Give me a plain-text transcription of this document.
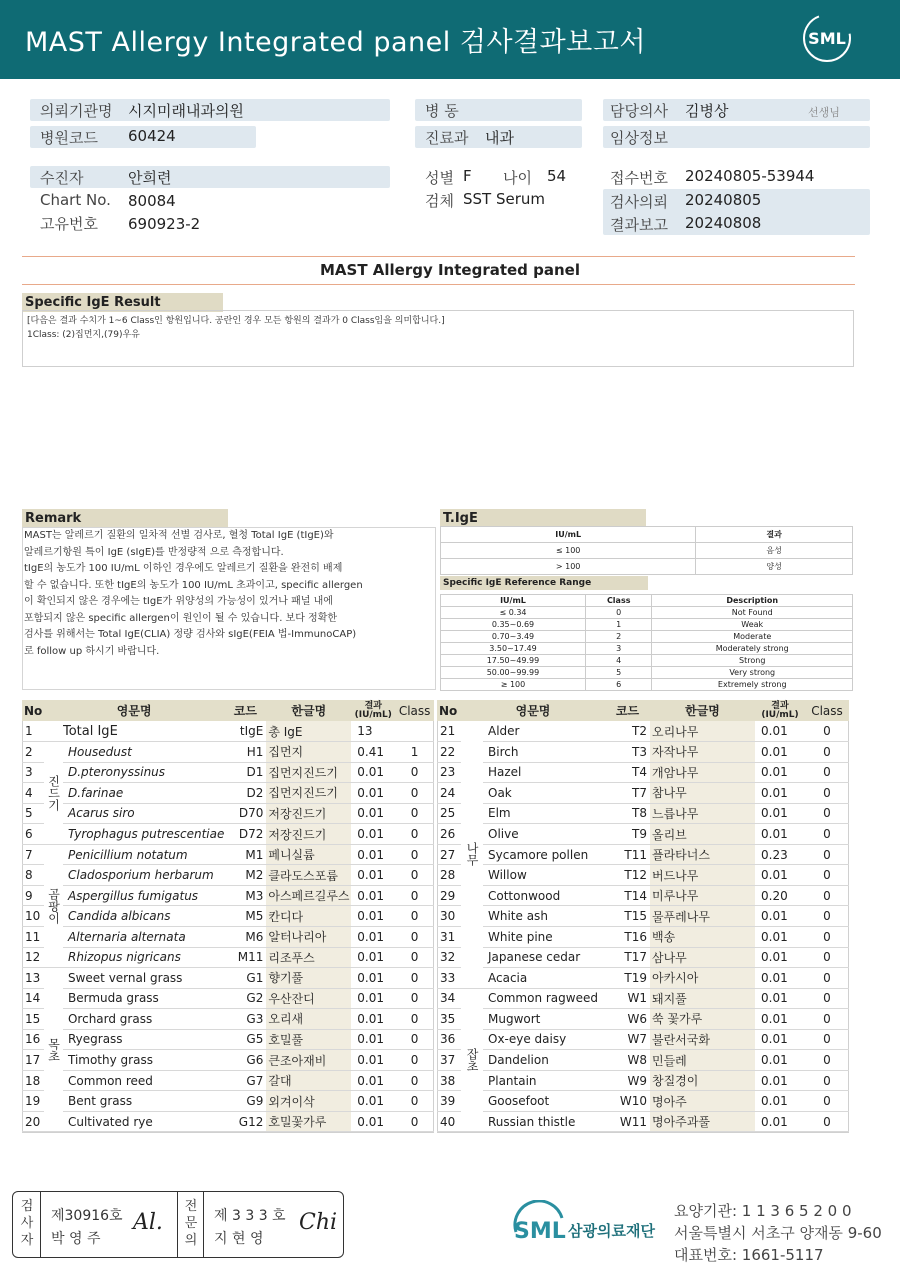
MAST Allergy Integrated panel 검사결과보고서	SML
의뢰기관명 시지미래내과의원
병원코드 60424
병 동
진료과 내과
담당의사 김병상	선생님
임상정보
수진자	안희련
Chart No. 80084
고유번호 690923-2
성별 F 나이 54
검체 SST Serum
접수번호 20240805-53944
검사의뢰 20240805
결과보고 20240808
MAST Allergy Integrated panel
Specific IgE Result
[다음은 결과 수치가 1~6 Class인 항원입니다. 공란인 경우 모든 항원의 결과가 0 Class임을 의미합니다.]
1Class: (2)집먼지,(79)우유
Remark
MAST는 알레르기 질환의 일차적 선별 검사로, 혈청 Total IgE (tIgE)와
알레르기항원 특이 IgE (sIgE)를 반정량적 으로 측정합니다.
tIgE의 농도가 100 IU/mL 이하인 경우에도 알레르기 질환을 완전히 배제
할 수 없습니다. 또한 tIgE의 농도가 100 IU/mL 초과이고, specific allergen
이 확인되지 않은 경우에는 tIgE가 위양성의 가능성이 있거나 패널 내에
포함되지 않은 specific allergen이 원인이 될 수 있습니다. 보다 정확한
검사를 위해서는 Total IgE(CLIA) 정량 검사와 sIgE(FEIA 법-ImmunoCAP)
로 follow up 하시기 바랍니다.
T.IgE
IU/mL	결과
≤ 100	음성
> 100	양성
Specific IgE Reference Range
IU/mL	Class	Description
≤ 0.34	0	Not Found
0.35~0.69	1	Weak
0.70~3.49	2	Moderate
3.50~17.49	3	Moderately strong
17.50~49.99	4	Strong
50.00~99.99	5	Very strong
≥ 100	6	Extremely strong
No	영문명		코드	한글명	결과 (IU/mL)	Class
1		Total IgE	tIgE	총 IgE	13	
2	진드기	Housedust	H1	집먼지	0.41	1
3		D.pteronyssinus	D1	집먼지진드기	0.01	0
4		D.farinae	D2	집먼지진드기	0.01	0
5		Acarus siro	D70	저장진드기	0.01	0
6		Tyrophagus putrescentiae	D72	저장진드기	0.01	0
7	곰팡이	Penicillium notatum	M1	페니실륨	0.01	0
8		Cladosporium herbarum	M2	클라도스포륨	0.01	0
9		Aspergillus fumigatus	M3	아스페르길루스	0.01	0
10		Candida albicans	M5	칸디다	0.01	0
11		Alternaria alternata	M6	알터나리아	0.01	0
12		Rhizopus nigricans	M11	리조푸스	0.01	0
13	목초	Sweet vernal grass	G1	향기풀	0.01	0
14		Bermuda grass	G2	우산잔디	0.01	0
15		Orchard grass	G3	오리새	0.01	0
16		Ryegrass	G5	호밀풀	0.01	0
17		Timothy grass	G6	큰조아재비	0.01	0
18		Common reed	G7	갈대	0.01	0
19		Bent grass	G9	외겨이삭	0.01	0
20		Cultivated rye	G12	호밀꽃가루	0.01	0
No	영문명		코드	한글명	결과 (IU/mL)	Class
21	나무	Alder	T2	오리나무	0.01	0
22		Birch	T3	자작나무	0.01	0
23		Hazel	T4	개암나무	0.01	0
24		Oak	T7	참나무	0.01	0
25		Elm	T8	느릅나무	0.01	0
26		Olive	T9	올리브	0.01	0
27		Sycamore pollen	T11	플라타너스	0.23	0
28		Willow	T12	버드나무	0.01	0
29		Cottonwood	T14	미루나무	0.20	0
30		White ash	T15	물푸레나무	0.01	0
31		White pine	T16	백송	0.01	0
32		Japanese cedar	T17	삼나무	0.01	0
33		Acacia	T19	아카시아	0.01	0
34	잡초	Common ragweed	W1	돼지풀	0.01	0
35		Mugwort	W6	쑥 꽃가루	0.01	0
36		Ox-eye daisy	W7	불란서국화	0.01	0
37		Dandelion	W8	민들레	0.01	0
38		Plantain	W9	창질경이	0.01	0
39		Goosefoot	W10	명아주	0.01	0
40		Russian thistle	W11	명아주과풀	0.01	0
검사자
제30916호
박 영 주
Al.
전문의
제 3 3 3 호
지 현 영
Chi	SML 삼광의료재단
요양기관: 1 1 3 6 5 2 0 0
서울특별시 서초구 양재동 9-60
대표번호: 1661-5117
